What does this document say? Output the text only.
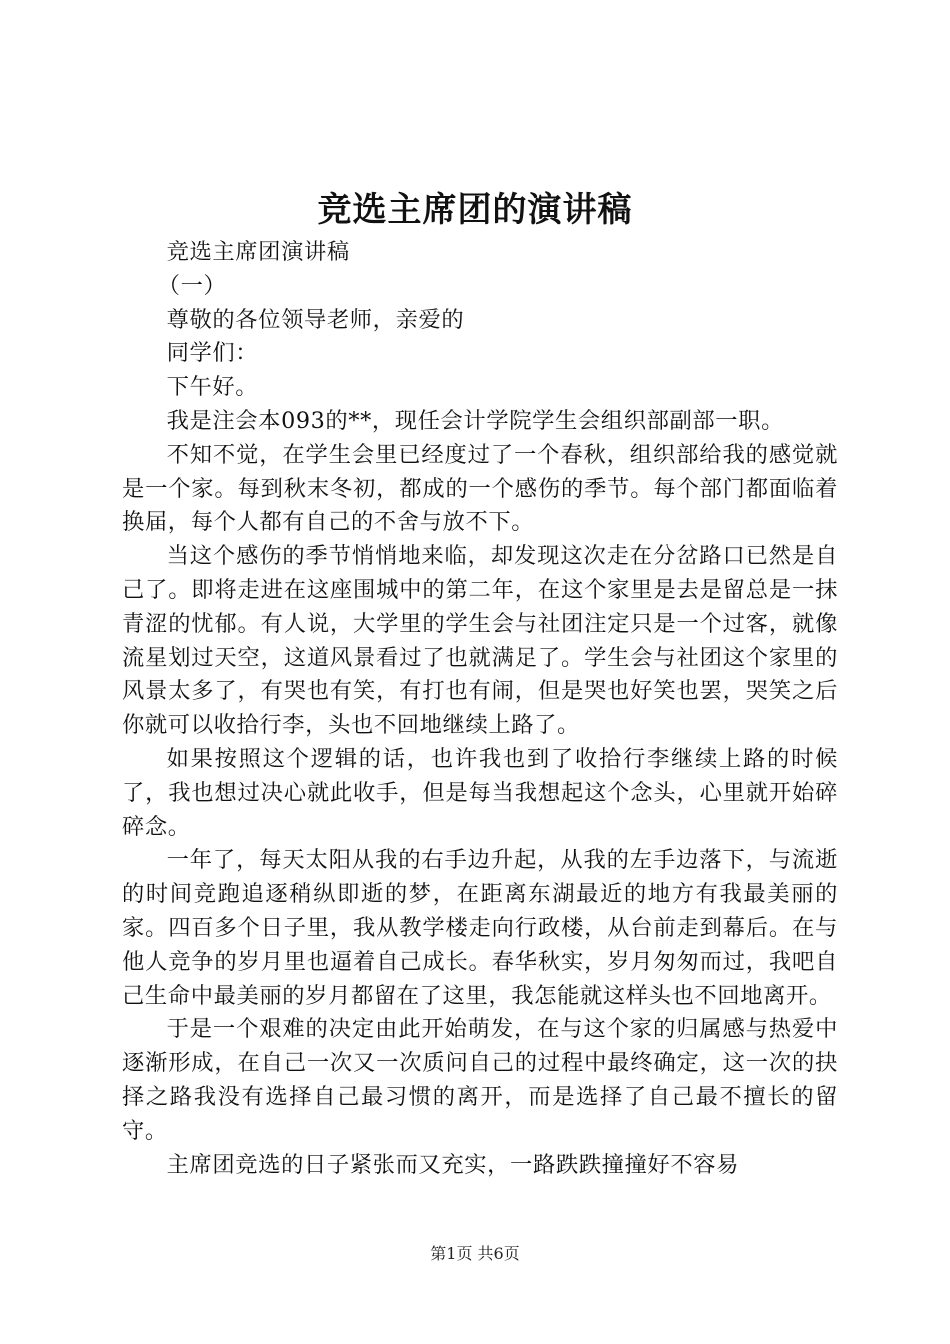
竞选主席团的演讲稿

竞选主席团演讲稿

（一）

尊敬的各位领导老师，亲爱的

同学们：

下午好。

我是注会本093的**，现任会计学院学生会组织部副部一职。

不知不觉，在学生会里已经度过了一个春秋，组织部给我的感觉就是一个家。每到秋末冬初，都成的一个感伤的季节。每个部门都面临着换届，每个人都有自己的不舍与放不下。

当这个感伤的季节悄悄地来临，却发现这次走在分岔路口已然是自己了。即将走进在这座围城中的第二年，在这个家里是去是留总是一抹青涩的忧郁。有人说，大学里的学生会与社团注定只是一个过客，就像流星划过天空，这道风景看过了也就满足了。学生会与社团这个家里的风景太多了，有哭也有笑，有打也有闹，但是哭也好笑也罢，哭笑之后你就可以收拾行李，头也不回地继续上路了。

如果按照这个逻辑的话，也许我也到了收拾行李继续上路的时候了，我也想过决心就此收手，但是每当我想起这个念头，心里就开始碎碎念。

一年了，每天太阳从我的右手边升起，从我的左手边落下，与流逝的时间竞跑追逐稍纵即逝的梦，在距离东湖最近的地方有我最美丽的家。四百多个日子里，我从教学楼走向行政楼，从台前走到幕后。在与他人竞争的岁月里也逼着自己成长。春华秋实，岁月匆匆而过，我吧自己生命中最美丽的岁月都留在了这里，我怎能就这样头也不回地离开。

于是一个艰难的决定由此开始萌发，在与这个家的归属感与热爱中逐渐形成，在自己一次又一次质问自己的过程中最终确定，这一次的抉择之路我没有选择自己最习惯的离开，而是选择了自己最不擅长的留守。

主席团竞选的日子紧张而又充实，一路跌跌撞撞好不容易

第1页 共6页
